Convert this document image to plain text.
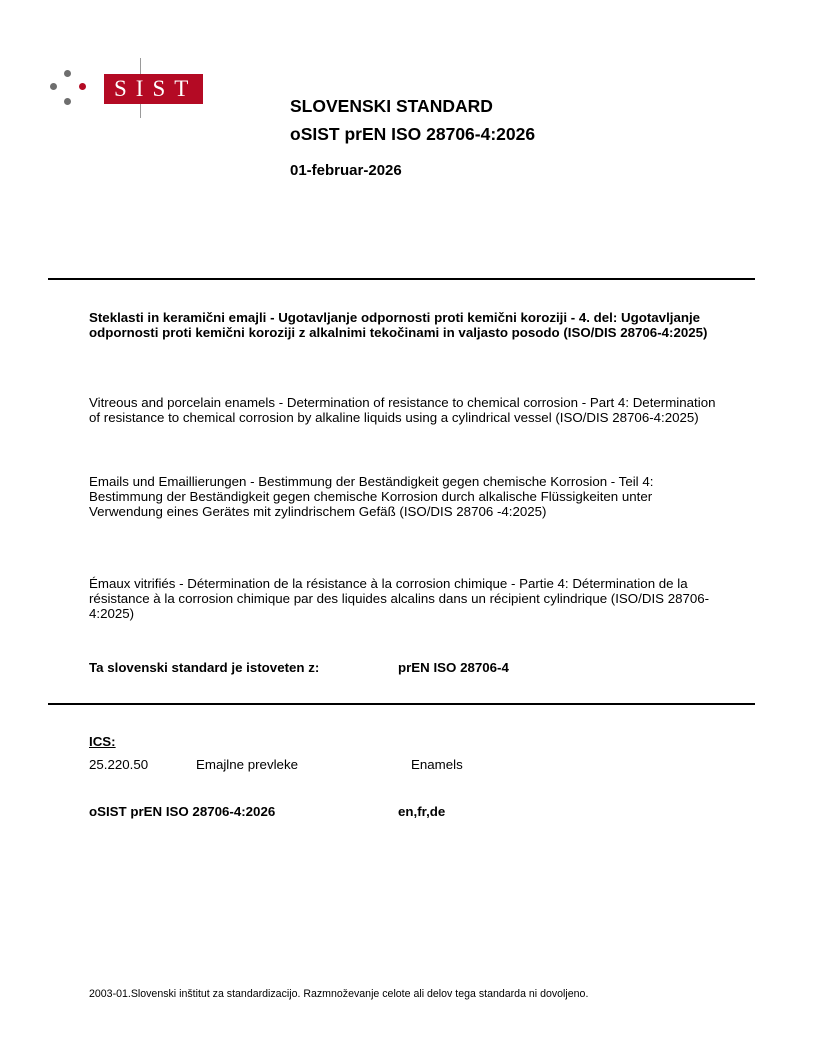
SIST
SLOVENSKI STANDARD
oSIST prEN ISO 28706-4:2026
01-februar-2026
Steklasti in keramični emajli - Ugotavljanje odpornosti proti kemični koroziji - 4. del: Ugotavljanje odpornosti proti kemični koroziji z alkalnimi tekočinami in valjasto posodo (ISO/DIS 28706-4:2025)
Vitreous and porcelain enamels - Determination of resistance to chemical corrosion - Part 4: Determination of resistance to chemical corrosion by alkaline liquids using a cylindrical vessel (ISO/DIS 28706-4:2025)
Emails und Emaillierungen - Bestimmung der Beständigkeit gegen chemische Korrosion - Teil 4: Bestimmung der Beständigkeit gegen chemische Korrosion durch alkalische Flüssigkeiten unter Verwendung eines Gerätes mit zylindrischem Gefäß (ISO/DIS 28706 -4:2025)
Émaux vitrifiés - Détermination de la résistance à la corrosion chimique - Partie 4: Détermination de la résistance à la corrosion chimique par des liquides alcalins dans un récipient cylindrique (ISO/DIS 28706-4:2025)
Ta slovenski standard je istoveten z:	prEN ISO 28706-4
ICS:
25.220.50	Emajlne prevleke	Enamels
oSIST prEN ISO 28706-4:2026	en,fr,de
2003-01.Slovenski inštitut za standardizacijo. Razmnoževanje celote ali delov tega standarda ni dovoljeno.
